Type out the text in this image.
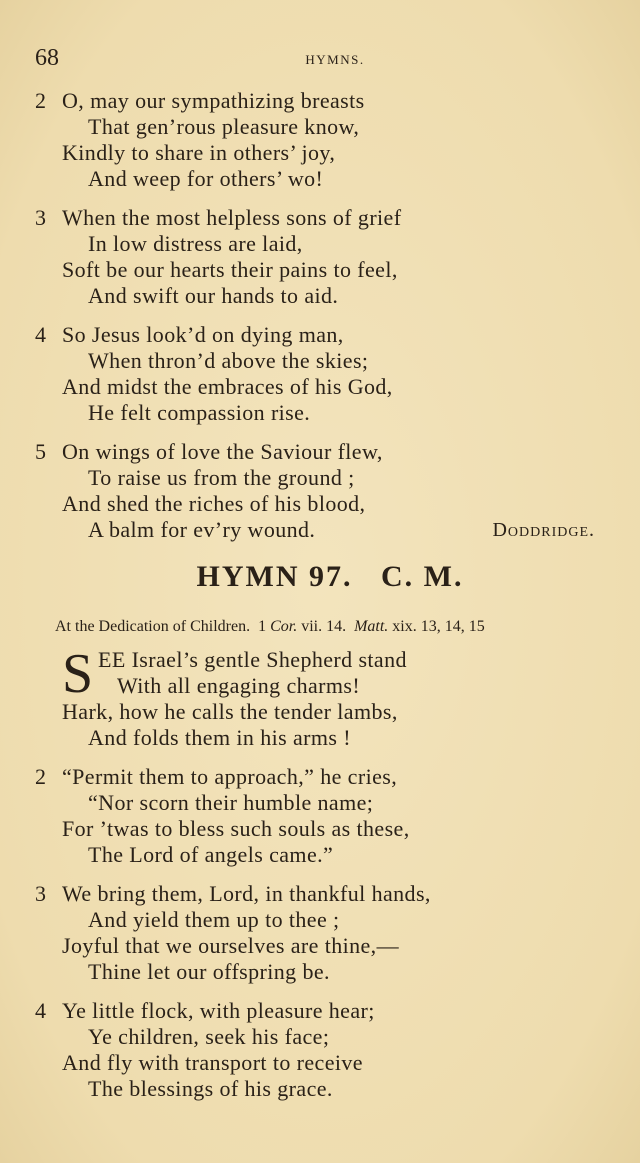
68	HYMNS.
2 O, may our sympathizing breasts
That gen’rous pleasure know,
Kindly to share in others’ joy,
And weep for others’ wo!
3 When the most helpless sons of grief
In low distress are laid,
Soft be our hearts their pains to feel,
And swift our hands to aid.
4 So Jesus look’d on dying man,
When thron’d above the skies;
And midst the embraces of his God,
He felt compassion rise.
5 On wings of love the Saviour flew,
To raise us from the ground ;
And shed the riches of his blood,
A balm for ev’ry wound.	Doddridge.
HYMN 97.   C. M.
At the Dedication of Children. 1 Cor. vii. 14. Matt. xix. 13, 14, 15
S EE Israel’s gentle Shepherd stand
With all engaging charms!
Hark, how he calls the tender lambs,
And folds them in his arms !
2 “Permit them to approach,” he cries,
“Nor scorn their humble name;
For ’twas to bless such souls as these,
The Lord of angels came.”
3 We bring them, Lord, in thankful hands,
And yield them up to thee ;
Joyful that we ourselves are thine,—
Thine let our offspring be.
4 Ye little flock, with pleasure hear;
Ye children, seek his face;
And fly with transport to receive
The blessings of his grace.
